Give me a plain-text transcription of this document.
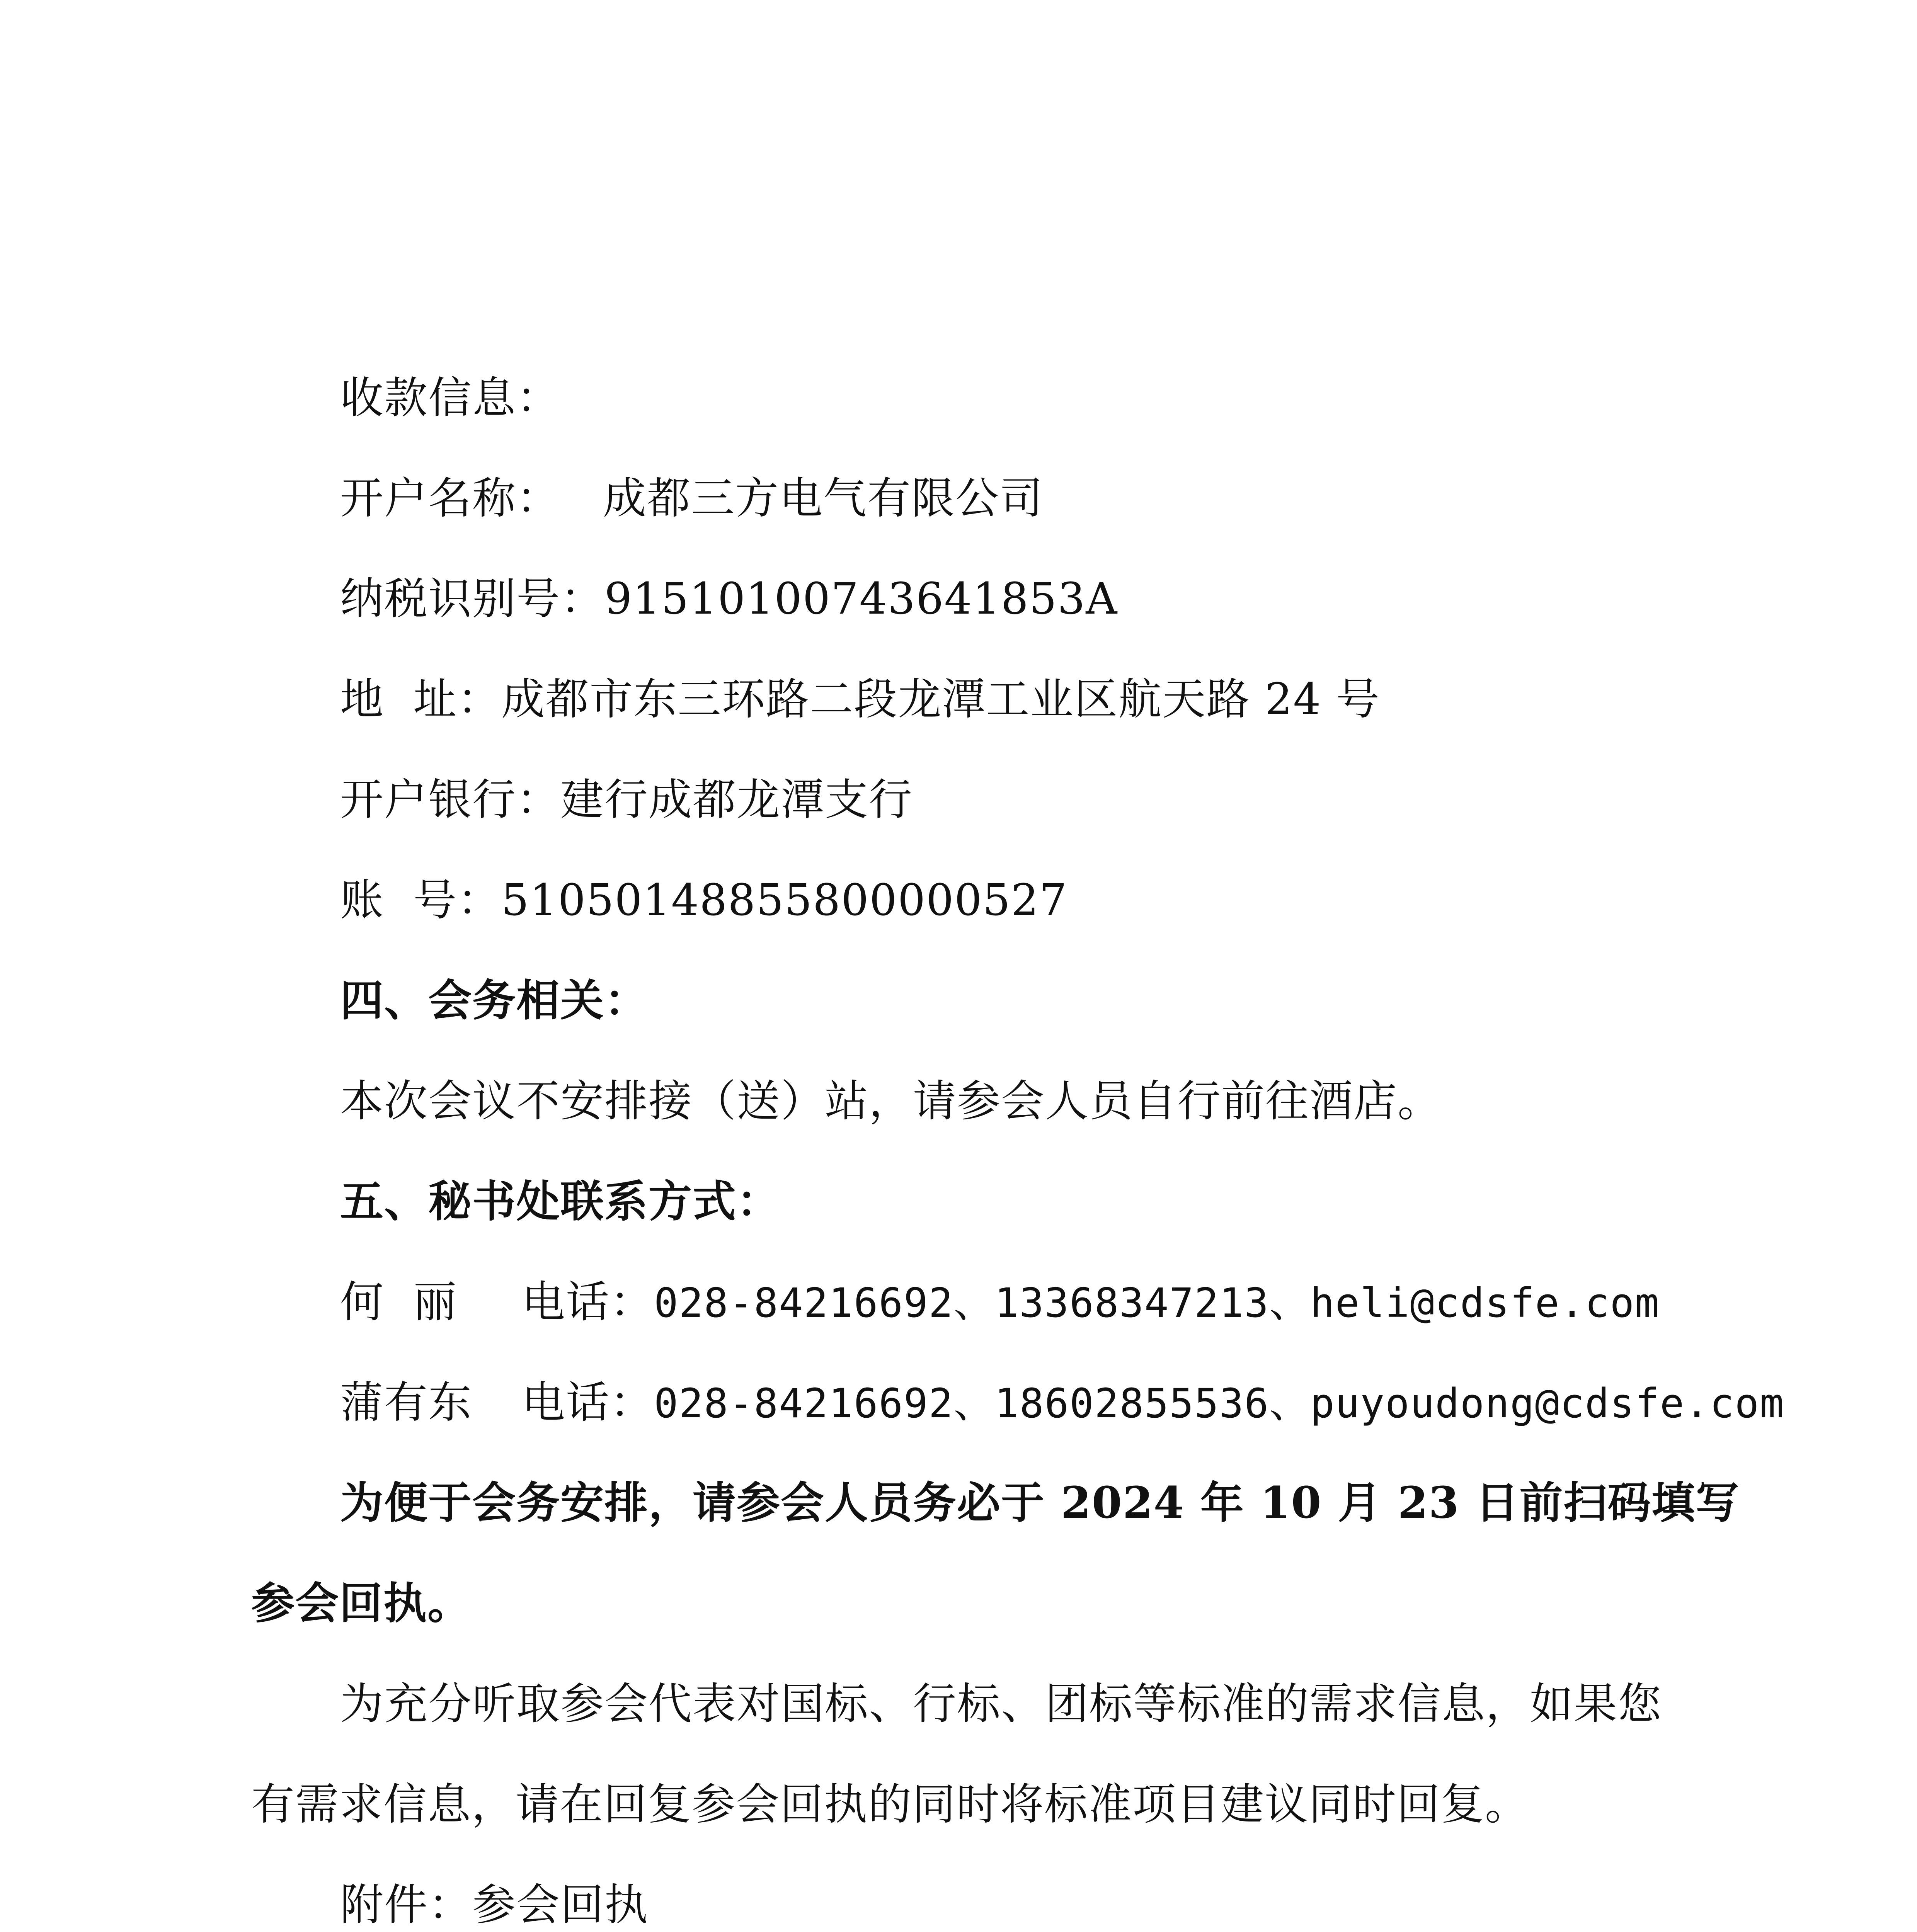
收款信息：
开户名称： 成都三方电气有限公司
纳税识别号：91510100743641853A
地  址：成都市东三环路二段龙潭工业区航天路 24 号
开户银行：建行成都龙潭支行
账  号：51050148855800000527
四、会务相关：
本次会议不安排接（送）站，请参会人员自行前往酒店。
五、秘书处联系方式：
何  丽 电话：028-84216692、13368347213、heli@cdsfe.com
蒲有东 电话：028-84216692、18602855536、puyoudong@cdsfe.com
为便于会务安排，请参会人员务必于 2024 年 10 月 23 日前扫码填写
参会回执。
为充分听取参会代表对国标、行标、团标等标准的需求信息，如果您
有需求信息，请在回复参会回执的同时将标准项目建议同时回复。
附件：参会回执
